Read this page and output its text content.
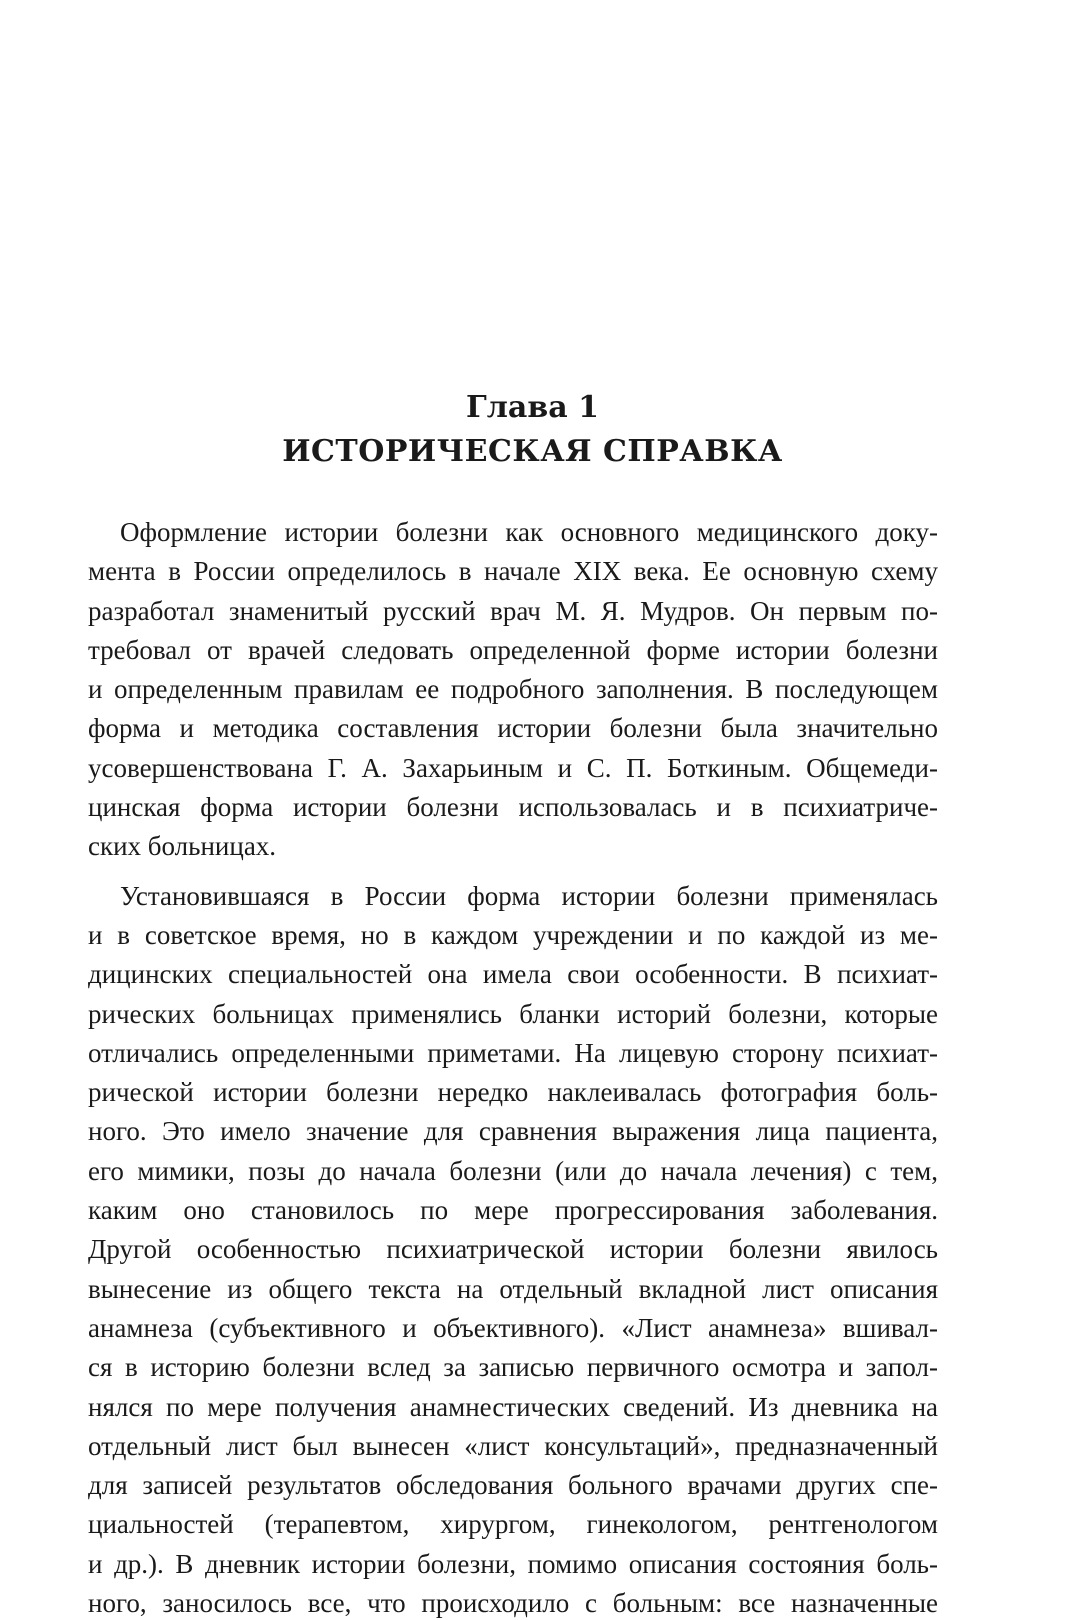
Глава 1
ИСТОРИЧЕСКАЯ СПРАВКА
Оформление истории болезни как основного медицинского доку-
мента в России определилось в начале XIX века. Ее основную схему
разработал знаменитый русский врач М. Я. Мудров. Он первым по-
требовал от врачей следовать определенной форме истории болезни
и определенным правилам ее подробного заполнения. В последующем
форма и методика составления истории болезни была значительно
усовершенствована Г. А. Захарьиным и С. П. Боткиным. Общемеди-
цинская форма истории болезни использовалась и в психиатриче-
ских больницах.
Установившаяся в России форма истории болезни применялась
и в советское время, но в каждом учреждении и по каждой из ме-
дицинских специальностей она имела свои особенности. В психиат-
рических больницах применялись бланки историй болезни, которые
отличались определенными приметами. На лицевую сторону психиат-
рической истории болезни нередко наклеивалась фотография боль-
ного. Это имело значение для сравнения выражения лица пациента,
его мимики, позы до начала болезни (или до начала лечения) с тем,
каким оно становилось по мере прогрессирования заболевания.
Другой особенностью психиатрической истории болезни явилось
вынесение из общего текста на отдельный вкладной лист описания
анамнеза (субъективного и объективного). «Лист анамнеза» вшивал-
ся в историю болезни вслед за записью первичного осмотра и запол-
нялся по мере получения анамнестических сведений. Из дневника на
отдельный лист был вынесен «лист консультаций», предназначенный
для записей результатов обследования больного врачами других спе-
циальностей (терапевтом, хирургом, гинекологом, рентгенологом
и др.). В дневник истории болезни, помимо описания состояния боль-
ного, заносилось все, что происходило с больным: все назначенные
